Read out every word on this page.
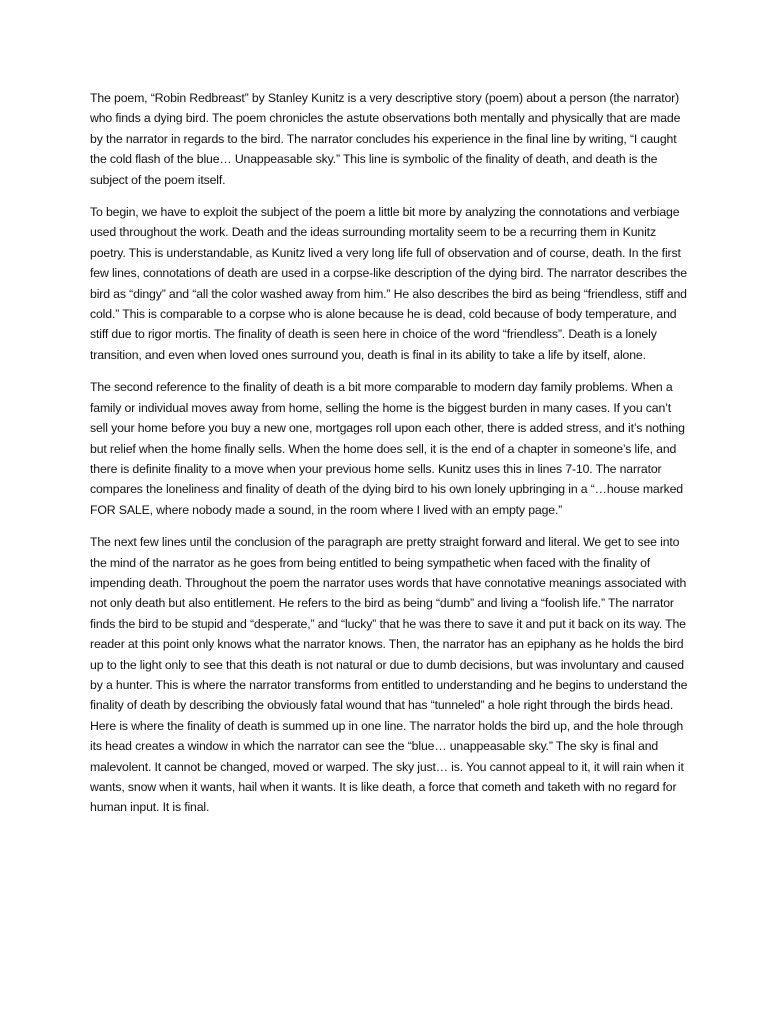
The poem, “Robin Redbreast” by Stanley Kunitz is a very descriptive story (poem) about a person (the narrator) who finds a dying bird. The poem chronicles the astute observations both mentally and physically that are made by the narrator in regards to the bird. The narrator concludes his experience in the final line by writing, “I caught the cold flash of the blue… Unappeasable sky.” This line is symbolic of the finality of death, and death is the subject of the poem itself.

To begin, we have to exploit the subject of the poem a little bit more by analyzing the connotations and verbiage used throughout the work. Death and the ideas surrounding mortality seem to be a recurring them in Kunitz poetry. This is understandable, as Kunitz lived a very long life full of observation and of course, death. In the first few lines, connotations of death are used in a corpse-like description of the dying bird. The narrator describes the bird as “dingy” and “all the color washed away from him.” He also describes the bird as being “friendless, stiff and cold.” This is comparable to a corpse who is alone because he is dead, cold because of body temperature, and stiff due to rigor mortis. The finality of death is seen here in choice of the word “friendless”. Death is a lonely transition, and even when loved ones surround you, death is final in its ability to take a life by itself, alone.

The second reference to the finality of death is a bit more comparable to modern day family problems. When a family or individual moves away from home, selling the home is the biggest burden in many cases. If you can’t sell your home before you buy a new one, mortgages roll upon each other, there is added stress, and it’s nothing but relief when the home finally sells. When the home does sell, it is the end of a chapter in someone’s life, and there is definite finality to a move when your previous home sells. Kunitz uses this in lines 7-10. The narrator compares the loneliness and finality of death of the dying bird to his own lonely upbringing in a “…house marked FOR SALE, where nobody made a sound, in the room where I lived with an empty page.”

The next few lines until the conclusion of the paragraph are pretty straight forward and literal. We get to see into the mind of the narrator as he goes from being entitled to being sympathetic when faced with the finality of impending death. Throughout the poem the narrator uses words that have connotative meanings associated with not only death but also entitlement. He refers to the bird as being “dumb” and living a “foolish life.” The narrator finds the bird to be stupid and “desperate,” and “lucky” that he was there to save it and put it back on its way. The reader at this point only knows what the narrator knows. Then, the narrator has an epiphany as he holds the bird up to the light only to see that this death is not natural or due to dumb decisions, but was involuntary and caused by a hunter. This is where the narrator transforms from entitled to understanding and he begins to understand the finality of death by describing the obviously fatal wound that has “tunneled” a hole right through the birds head. Here is where the finality of death is summed up in one line. The narrator holds the bird up, and the hole through its head creates a window in which the narrator can see the “blue… unappeasable sky.” The sky is final and malevolent. It cannot be changed, moved or warped. The sky just… is. You cannot appeal to it, it will rain when it wants, snow when it wants, hail when it wants. It is like death, a force that cometh and taketh with no regard for human input. It is final.
